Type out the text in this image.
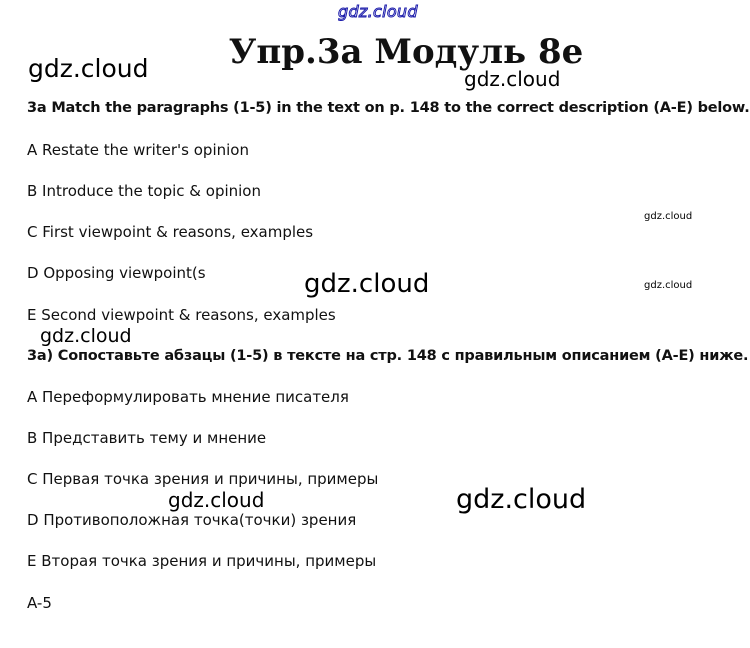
gdz.cloud
gdz.cloud	gdz.cloud
gdz.cloud
gdz.cloud
gdz.cloud
gdz.cloud
gdz.cloud	gdz.cloud
Упр.3а Модуль 8е
3a Match the paragraphs (1-5) in the text on p. 148 to the correct description (A-E) below.
A Restate the writer's opinion
B Introduce the topic & opinion
C First viewpoint & reasons, examples
D Opposing viewpoint(s
E Second viewpoint & reasons, examples
3а) Сопоставьте абзацы (1-5) в тексте на стр. 148 с правильным описанием (A-E) ниже.
A Переформулировать мнение писателя
B Представить тему и мнение
C Первая точка зрения и причины, примеры
D Противоположная точка(точки) зрения
E Вторая точка зрения и причины, примеры
A-5
